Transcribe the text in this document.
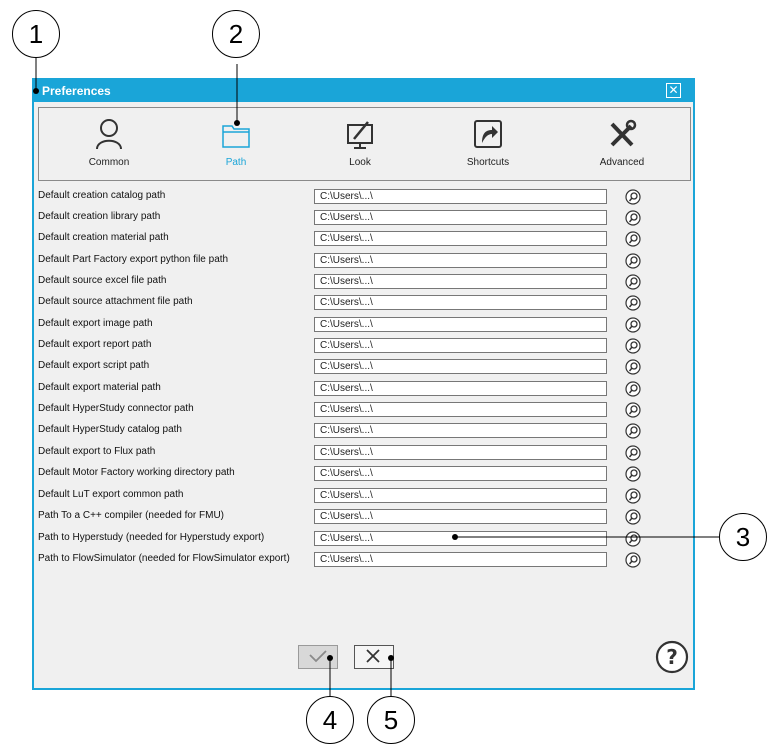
1	2
3
4	5
Preferences	✕
Common	Path	Look	Shortcuts	Advanced
Default creation catalog path
C:\Users\...\
Default creation library path
C:\Users\...\
Default creation material path
C:\Users\...\
Default Part Factory export python file path
C:\Users\...\
Default source excel file path
C:\Users\...\
Default source attachment file path
C:\Users\...\
Default export image path
C:\Users\...\
Default export report path
C:\Users\...\
Default export script path
C:\Users\...\
Default export material path
C:\Users\...\
Default HyperStudy connector path
C:\Users\...\
Default HyperStudy catalog path
C:\Users\...\
Default export to Flux path
C:\Users\...\
Default Motor Factory working directory path
C:\Users\...\
Default LuT export common path
C:\Users\...\
Path To a C++ compiler (needed for FMU)
C:\Users\...\
Path to Hyperstudy (needed for Hyperstudy export)
C:\Users\...\
Path to FlowSimulator (needed for FlowSimulator export)
C:\Users\...\
?
